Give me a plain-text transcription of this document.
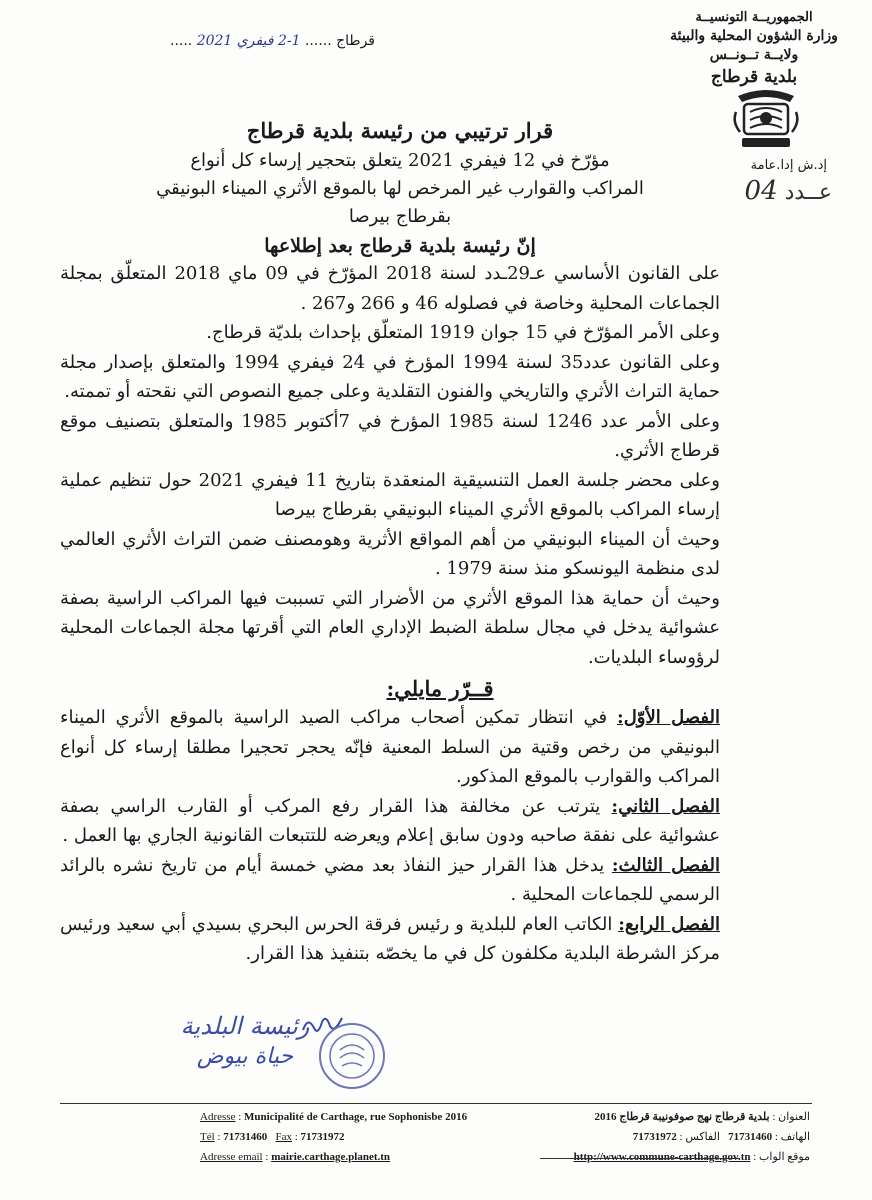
الجمهوريــة التونسيــة
وزارة الشؤون المحلية والبيئة
ولايــة تــونــس
بلدية قرطاج
إد.ش إدا.عامة
عــدد 04
قرطاج ...... 1-2 فيفري 2021 .....
قرار ترتيبي من رئيسة بلدية قرطاج
مؤرّخ في 12 فيفري 2021 يتعلق بتحجير إرساء كل أنواع
المراكب والقوارب غير المرخص لها بالموقع الأثري الميناء البونيقي
بقرطاج بيرصا
إنّ رئيسة بلدية قرطاج بعد إطلاعها

على القانون الأساسي عـ29ـدد لسنة 2018 المؤرّخ في 09 ماي 2018 المتعلّق بمجلة الجماعات المحلية وخاصة في فصلوله 46 و 266 و267 .

وعلى الأمر المؤرّخ في 15 جوان 1919 المتعلّق بإحداث بلديّة قرطاج.

وعلى القانون عدد35 لسنة 1994 المؤرخ في 24 فيفري 1994 والمتعلق بإصدار مجلة حماية التراث الأثري والتاريخي والفنون التقلدية وعلى جميع النصوص التي نقحته أو تممته.

وعلى الأمر عدد 1246 لسنة 1985 المؤرخ في 7أكتوبر 1985 والمتعلق بتصنيف موقع قرطاج الأثري.

وعلى محضر جلسة العمل التنسيقية المنعقدة بتاريخ 11 فيفري 2021 حول تنظيم عملية إرساء المراكب بالموقع الأثري الميناء البونيقي بقرطاج بيرصا

وحيث أن الميناء البونيقي من أهم المواقع الأثرية وهومصنف ضمن التراث الأثري العالمي لدى منظمة اليونسكو منذ سنة 1979 .

وحيث أن حماية هذا الموقع الأثري من الأضرار التي تسببت فيها المراكب الراسية بصفة عشوائية يدخل في مجال سلطة الضبط الإداري العام التي أقرتها مجلة الجماعات المحلية لرؤوساء البلديات.

قــرّر مايلي:

الفصل الأوّل: في انتظار تمكين أصحاب مراكب الصيد الراسية بالموقع الأثري الميناء البونيقي من رخص وقتية من السلط المعنية فإنّه يحجر تحجيرا مطلقا إرساء كل أنواع المراكب والقوارب بالموقع المذكور.

الفصل الثاني: يترتب عن مخالفة هذا القرار رفع المركب أو القارب الراسي بصفة عشوائية على نفقة صاحبه ودون سابق إعلام ويعرضه للتتبعات القانونية الجاري بها العمل .

الفصل الثالث: يدخل هذا القرار حيز النفاذ بعد مضي خمسة أيام من تاريخ نشره بالرائد الرسمي للجماعات المحلية .

الفصل الرابع: الكاتب العام للبلدية و رئيس فرقة الحرس البحري بسيدي أبي سعيد ورئيس مركز الشرطة البلدية مكلفون كل في ما يخصّه بتنفيذ هذا القرار.

رئيسة البلدية
حياة بيوض
Adresse : Municipalité de Carthage, rue Sophonisbe 2016
Tél : 71731460 Fax : 71731972
Adresse email : mairie.carthage.planet.tn
العنوان : بلدية قرطاج نهج صوفونيبة قرطاج 2016
الهاتف : 71731460   الفاكس : 71731972
موقع الواب : http://www.commune-carthage.gov.tn
